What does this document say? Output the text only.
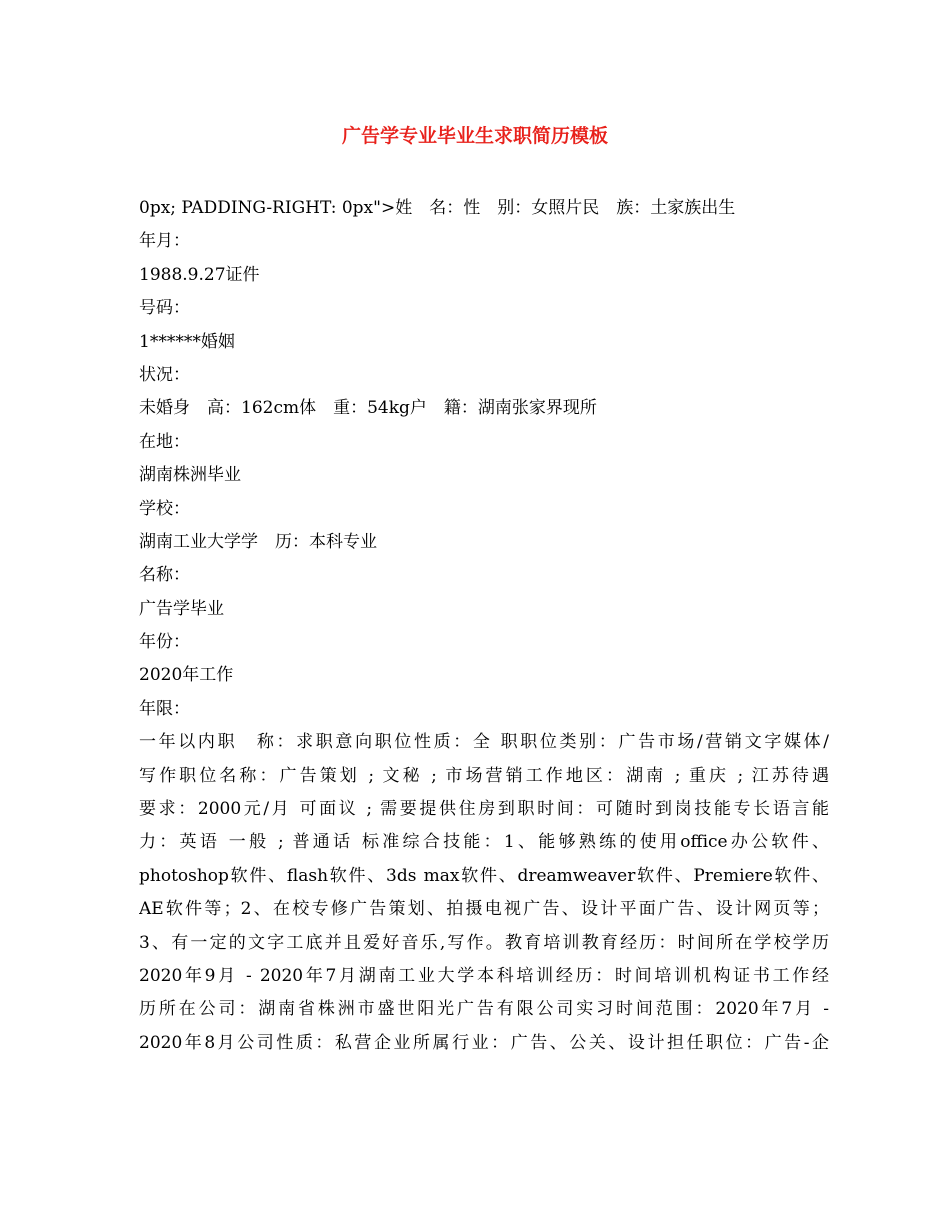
广告学专业毕业生求职简历模板
0px; PADDING-RIGHT: 0px">姓　名：性　别：女照片民　族：土家族出生
年月：
1988.9.27证件
号码：
1******婚姻
状况：
未婚身　高：162cm体　重：54kg户　籍：湖南张家界现所
在地：
湖南株洲毕业
学校：
湖南工业大学学　历：本科专业
名称：
广告学毕业
年份：
2020年工作
年限：
一年以内职　称：求职意向职位性质：全 职职位类别：广告市场/营销文字媒体/
写作职位名称：广告策划 ; 文秘 ; 市场营销工作地区：湖南 ; 重庆 ; 江苏待遇
要求：2000元/月 可面议 ; 需要提供住房到职时间：可随时到岗技能专长语言能
力：英语 一般 ; 普通话 标准综合技能：1、能够熟练的使用office办公软件、
photoshop软件、flash软件、3ds max软件、dreamweaver软件、Premiere软件、
AE软件等；2、在校专修广告策划、拍摄电视广告、设计平面广告、设计网页等；
3、有一定的文字工底并且爱好音乐,写作。教育培训教育经历：时间所在学校学历
2020年9月 - 2020年7月湖南工业大学本科培训经历：时间培训机构证书工作经
历所在公司：湖南省株洲市盛世阳光广告有限公司实习时间范围：2020年7月 -
2020年8月公司性质：私营企业所属行业：广告、公关、设计担任职位：广告-企
